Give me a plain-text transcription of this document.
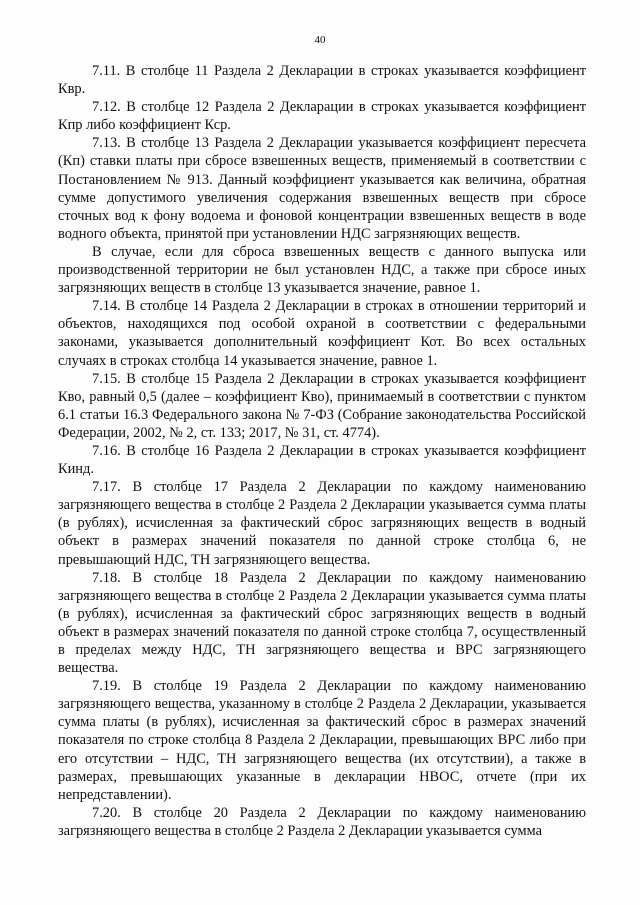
40

7.11. В столбце 11 Раздела 2 Декларации в строках указывается коэффициент Квр.

7.12. В столбце 12 Раздела 2 Декларации в строках указывается коэффициент Кпр либо коэффициент Кср.

7.13. В столбце 13 Раздела 2 Декларации указывается коэффициент пересчета (Кп) ставки платы при сбросе взвешенных веществ, применяемый в соответствии с Постановлением № 913. Данный коэффициент указывается как величина, обратная сумме допустимого увеличения содержания взвешенных веществ при сбросе сточных вод к фону водоема и фоновой концентрации взвешенных веществ в воде водного объекта, принятой при установлении НДС загрязняющих веществ.

В случае, если для сброса взвешенных веществ с данного выпуска или производственной территории не был установлен НДС, а также при сбросе иных загрязняющих веществ в столбце 13 указывается значение, равное 1.

7.14. В столбце 14 Раздела 2 Декларации в строках в отношении территорий и объектов, находящихся под особой охраной в соответствии с федеральными законами, указывается дополнительный коэффициент Кот. Во всех остальных случаях в строках столбца 14 указывается значение, равное 1.

7.15. В столбце 15 Раздела 2 Декларации в строках указывается коэффициент Кво, равный 0,5 (далее – коэффициент Кво), принимаемый в соответствии с пунктом 6.1 статьи 16.3 Федерального закона № 7-ФЗ (Собрание законодательства Российской Федерации, 2002, № 2, ст. 133; 2017, № 31, ст. 4774).

7.16. В столбце 16 Раздела 2 Декларации в строках указывается коэффициент Кинд.

7.17. В столбце 17 Раздела 2 Декларации по каждому наименованию загрязняющего вещества в столбце 2 Раздела 2 Декларации указывается сумма платы (в рублях), исчисленная за фактический сброс загрязняющих веществ в водный объект в размерах значений показателя по данной строке столбца 6, не превышающий НДС, ТН загрязняющего вещества.

7.18. В столбце 18 Раздела 2 Декларации по каждому наименованию загрязняющего вещества в столбце 2 Раздела 2 Декларации указывается сумма платы (в рублях), исчисленная за фактический сброс загрязняющих веществ в водный объект в размерах значений показателя по данной строке столбца 7, осуществленный в пределах между НДС, ТН загрязняющего вещества и ВРС загрязняющего вещества.

7.19. В столбце 19 Раздела 2 Декларации по каждому наименованию загрязняющего вещества, указанному в столбце 2 Раздела 2 Декларации, указывается сумма платы (в рублях), исчисленная за фактический сброс в размерах значений показателя по строке столбца 8 Раздела 2 Декларации, превышающих ВРС либо при его отсутствии – НДС, ТН загрязняющего вещества (их отсутствии), а также в размерах, превышающих указанные в декларации НВОС, отчете (при их непредставлении).

7.20. В столбце 20 Раздела 2 Декларации по каждому наименованию загрязняющего вещества в столбце 2 Раздела 2 Декларации указывается сумма
